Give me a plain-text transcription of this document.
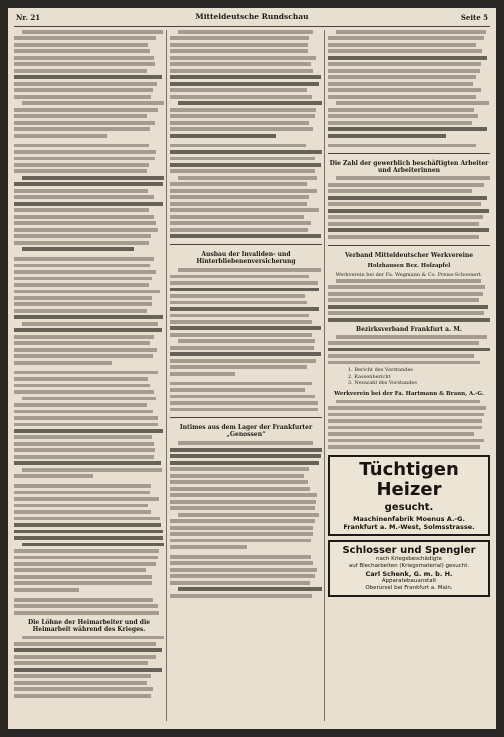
Nr. 21	Mitteldeutsche Rundschau	Seite 5
Die Löhne der Heimarbeiter und die Heimarbeit während des Krieges.
Ausbau der Invaliden- und Hinterbliebenenversicherung
Intimes aus dem Lager der Frankfurter „Genossen“
Die Zahl der gewerblich beschäftigten Arbeiter und Arbeiterinnen
Verband Mitteldeutscher Werkvereine
Holzhausen Bez. Holzapfel
Werkverein bei der Fa. Wegmann & Co. Preiss-Schoenert.
Bezirksverband Frankfurt a. M.
1. Bericht des Vorstandes
2. Kassenbericht
3. Neuwahl des Vorstandes
Werkverein bei der Fa. Hartmann & Braun, A.-G.
Tüchtigen Heizer
gesucht.
Maschinenfabrik Moenus A.-G.
Frankfurt a. M.-West, Solmsstrasse.
Schlosser und Spengler
nach Kriegsbeschädigte
auf Blecharbeiten (Kriegsmaterial) gesucht.
Carl Schenk, G. m. b. H.
Apparatebauanstalt
Oberursel bei Frankfurt a. Main.
